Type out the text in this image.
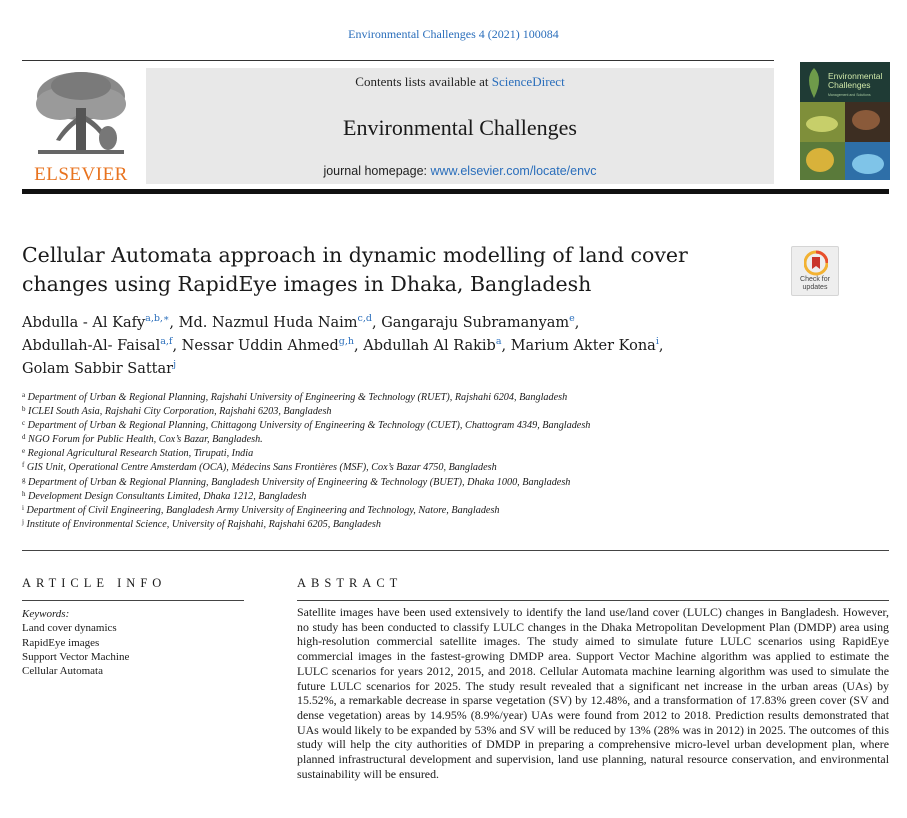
Environmental Challenges 4 (2021) 100084
ELSEVIER
Contents lists available at ScienceDirect
Environmental Challenges
journal homepage: www.elsevier.com/locate/envc
Environmental Challenges
Management and Solutions
Cellular Automata approach in dynamic modelling of land cover changes using RapidEye images in Dhaka, Bangladesh	Check for
updates
Abdulla - Al Kafy$^{a,b,∗}$, Md. Nazmul Huda Naim$^{c,d}$, Gangaraju Subramanyam$^e$,
Abdullah-Al- Faisal$^{a,f}$, Nessar Uddin Ahmed$^{g,h}$, Abdullah Al Rakib$^a$, Marium Akter Kona$^i$,
Golam Sabbir Sattar$^j$
$^a$ Department of Urban & Regional Planning, Rajshahi University of Engineering & Technology (RUET), Rajshahi 6204, Bangladesh
$^b$ ICLEI South Asia, Rajshahi City Corporation, Rajshahi 6203, Bangladesh
$^c$ Department of Urban & Regional Planning, Chittagong University of Engineering & Technology (CUET), Chattogram 4349, Bangladesh
$^d$ NGO Forum for Public Health, Cox’s Bazar, Bangladesh.
$^e$ Regional Agricultural Research Station, Tirupati, India
$^f$ GIS Unit, Operational Centre Amsterdam (OCA), Médecins Sans Frontières (MSF), Cox’s Bazar 4750, Bangladesh
$^g$ Department of Urban & Regional Planning, Bangladesh University of Engineering & Technology (BUET), Dhaka 1000, Bangladesh
$^h$ Development Design Consultants Limited, Dhaka 1212, Bangladesh
$^i$ Department of Civil Engineering, Bangladesh Army University of Engineering and Technology, Natore, Bangladesh
$^j$ Institute of Environmental Science, University of Rajshahi, Rajshahi 6205, Bangladesh
ARTICLE INFO	ABSTRACT
Keywords:
Land cover dynamics
RapidEye images
Support Vector Machine
Cellular Automata
Satellite images have been used extensively to identify the land use/land cover (LULC) changes in Bangladesh. However, no study has been conducted to classify LULC changes in the Dhaka Metropolitan Development Plan (DMDP) area using high-resolution commercial satellite images. The study aimed to simulate future LULC scenarios using RapidEye commercial images in the fastest-growing DMDP area. Support Vector Machine algorithm was applied to estimate the LULC scenarios for years 2012, 2015, and 2018. Cellular Automata machine learning algorithm was used to simulate the future LULC scenarios for 2025. The study result revealed that a significant net increase in the urban areas (UAs) by 15.52%, a remarkable decrease in sparse vegetation (SV) by 12.48%, and a transformation of 17.83% green cover (SV and dense vegetation) areas by 14.95% (8.9%/year) UAs were found from 2012 to 2018. Prediction results demonstrated that UAs would likely to be expanded by 53% and SV will be reduced by 13% (28% was in 2012) in 2025. The outcomes of this study will help the city authorities of DMDP in preparing a comprehensive micro-level urban development plan, where planned infrastructural development and supervision, land use planning, natural resource conservation, and environmental sustainability will be ensured.
